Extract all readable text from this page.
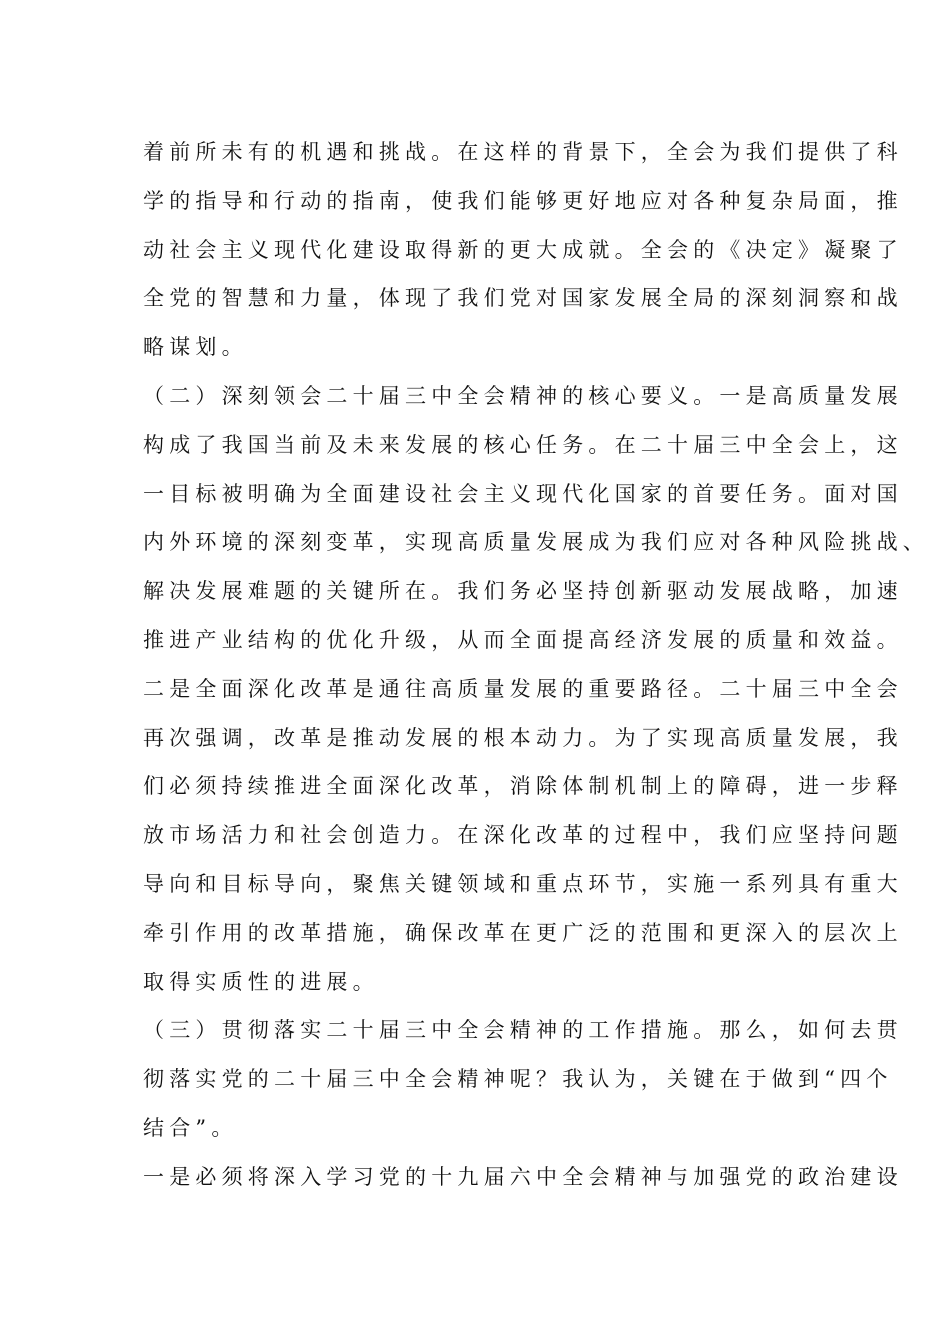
着前所未有的机遇和挑战。在这样的背景下，全会为我们提供了科
学的指导和行动的指南，使我们能够更好地应对各种复杂局面，推
动社会主义现代化建设取得新的更大成就。全会的《决定》凝聚了
全党的智慧和力量，体现了我们党对国家发展全局的深刻洞察和战
略谋划。
（二）深刻领会二十届三中全会精神的核心要义。一是高质量发展
构成了我国当前及未来发展的核心任务。在二十届三中全会上，这
一目标被明确为全面建设社会主义现代化国家的首要任务。面对国
内外环境的深刻变革，实现高质量发展成为我们应对各种风险挑战、
解决发展难题的关键所在。我们务必坚持创新驱动发展战略，加速
推进产业结构的优化升级，从而全面提高经济发展的质量和效益。
二是全面深化改革是通往高质量发展的重要路径。二十届三中全会
再次强调，改革是推动发展的根本动力。为了实现高质量发展，我
们必须持续推进全面深化改革，消除体制机制上的障碍，进一步释
放市场活力和社会创造力。在深化改革的过程中，我们应坚持问题
导向和目标导向，聚焦关键领域和重点环节，实施一系列具有重大
牵引作用的改革措施，确保改革在更广泛的范围和更深入的层次上
取得实质性的进展。
（三）贯彻落实二十届三中全会精神的工作措施。那么，如何去贯
彻落实党的二十届三中全会精神呢？我认为，关键在于做到“四个
结合”。
一是必须将深入学习党的十九届六中全会精神与加强党的政治建设
